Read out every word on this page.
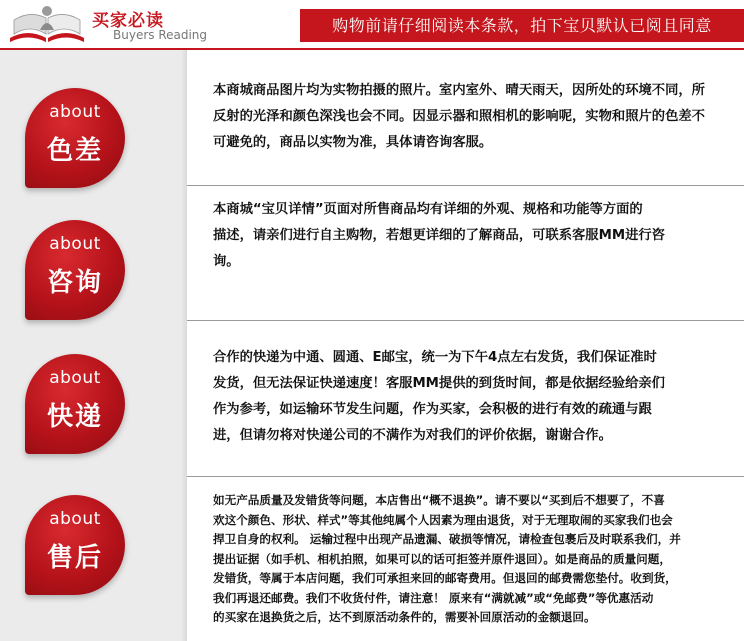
买家必读
Buyers Reading	购物前请仔细阅读本条款，拍下宝贝默认已阅且同意
about
色差
本商城商品图片均为实物拍摄的照片。室内室外、晴天雨天，因所处的环境不同，所
反射的光泽和颜色深浅也会不同。因显示器和照相机的影响呢，实物和照片的色差不
可避免的，商品以实物为准，具体请咨询客服。
about
咨询
本商城“宝贝详情”页面对所售商品均有详细的外观、规格和功能等方面的
描述，请亲们进行自主购物，若想更详细的了解商品，可联系客服MM进行咨
询。
about
快递
合作的快递为中通、圆通、E邮宝，统一为下午4点左右发货，我们保证准时
发货，但无法保证快递速度！客服MM提供的到货时间，都是依据经验给亲们
作为参考，如运输环节发生问题，作为买家，会积极的进行有效的疏通与跟
进，但请勿将对快递公司的不满作为对我们的评价依据，谢谢合作。
about
售后
如无产品质量及发错货等问题，本店售出“概不退换”。请不要以“买到后不想要了，不喜
欢这个颜色、形状、样式”等其他纯属个人因素为理由退货，对于无理取闹的买家我们也会
捍卫自身的权利。 运输过程中出现产品遗漏、破损等情况，请检查包裹后及时联系我们，并
提出证据（如手机、相机拍照，如果可以的话可拒签并原件退回）。如是商品的质量问题，
发错货，等属于本店问题，我们可承担来回的邮寄费用。但退回的邮费需您垫付。收到货，
我们再退还邮费。我们不收货付件，请注意！ 原来有“满就减”或“免邮费”等优惠活动
的买家在退换货之后，达不到原活动条件的，需要补回原活动的金额退回。
